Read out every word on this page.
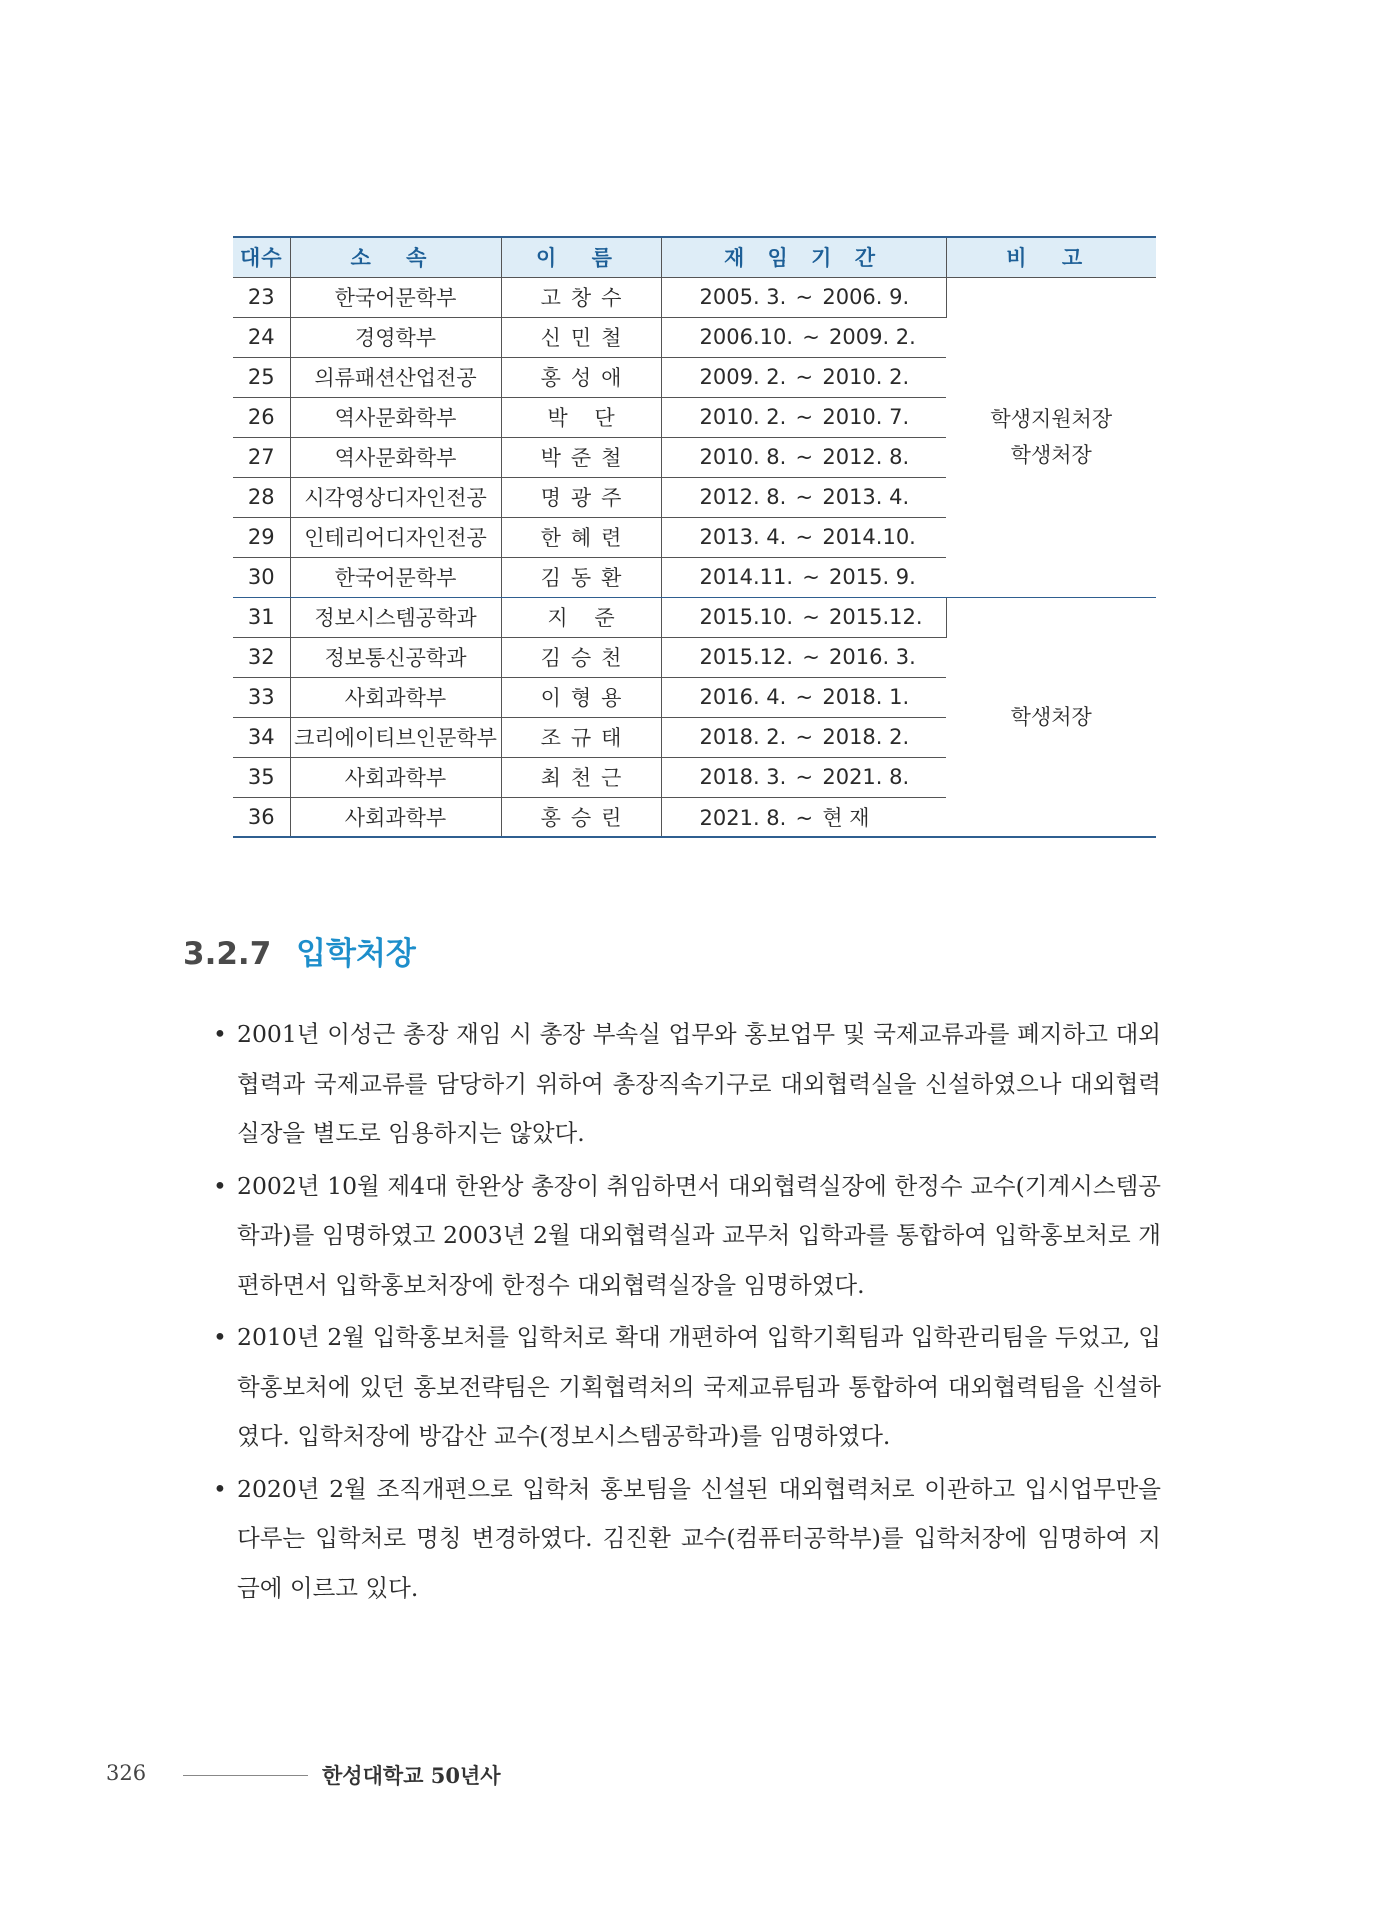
대수	소 속	이 름	재 임 기 간	비 고
23	한국어문학부	고창수	2005. 3. ~ 2006. 9.	학생지원처장
학생처장

24	경영학부	신민철	2006.10. ~ 2009. 2.	
25	의류패션산업전공	홍성애	2009. 2. ~ 2010. 2.	
26	역사문화학부	박 단	2010. 2. ~ 2010. 7.	
27	역사문화학부	박준철	2010. 8. ~ 2012. 8.	
28	시각영상디자인전공	명광주	2012. 8. ~ 2013. 4.	
29	인테리어디자인전공	한혜련	2013. 4. ~ 2014.10.	
30	한국어문학부	김동환	2014.11. ~ 2015. 9.	
31	정보시스템공학과	지 준	2015.10. ~ 2015.12.	학생처장
32	정보통신공학과	김승천	2015.12. ~ 2016. 3.	
33	사회과학부	이형용	2016. 4. ~ 2018. 1.	
34	크리에이티브인문학부	조규태	2018. 2. ~ 2018. 2.	
35	사회과학부	최천근	2018. 3. ~ 2021. 8.	
36	사회과학부	홍승린	2021. 8. ~ 현 재	
3.2.7 입학처장
• 2001년 이성근 총장 재임 시 총장 부속실 업무와 홍보업무 및 국제교류과를 폐지하고 대외협력과 국제교류를 담당하기 위하여 총장직속기구로 대외협력실을 신설하였으나 대외협력실장을 별도로 임용하지는 않았다.
• 2002년 10월 제4대 한완상 총장이 취임하면서 대외협력실장에 한정수 교수(기계시스템공학과)를 임명하였고 2003년 2월 대외협력실과 교무처 입학과를 통합하여 입학홍보처로 개편하면서 입학홍보처장에 한정수 대외협력실장을 임명하였다.
• 2010년 2월 입학홍보처를 입학처로 확대 개편하여 입학기획팀과 입학관리팀을 두었고, 입학홍보처에 있던 홍보전략팀은 기획협력처의 국제교류팀과 통합하여 대외협력팀을 신설하였다. 입학처장에 방갑산 교수(정보시스템공학과)를 임명하였다.
• 2020년 2월 조직개편으로 입학처 홍보팀을 신설된 대외협력처로 이관하고 입시업무만을 다루는 입학처로 명칭 변경하였다. 김진환 교수(컴퓨터공학부)를 입학처장에 임명하여 지금에 이르고 있다.
326	한성대학교 50년사
